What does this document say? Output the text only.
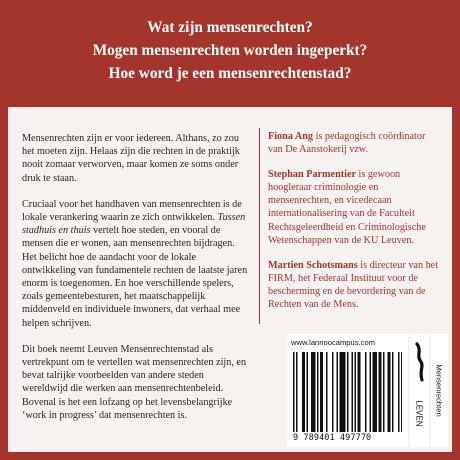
Wat zijn mensenrechten?

Mogen mensenrechten worden ingeperkt?

Hoe word je een mensenrechtenstad?

Mensenrechten zijn er voor iedereen. Althans, zo zou het moeten zijn. Helaas zijn die rechten in de praktijk nooit zomaar verworven, maar komen ze soms onder druk te staan.

Cruciaal voor het handhaven van mensenrechten is de lokale verankering waarin ze zich ontwikkelen. Tussen stadhuis en thuis vertelt hoe steden, en vooral de mensen die er wonen, aan mensenrechten bijdragen. Het belicht hoe de aandacht voor de lokale ontwikkeling van fundamentele rechten de laatste jaren enorm is toegenomen. En hoe verschillende spelers, zoals gemeentebesturen, het maatschappelijk middenveld en individuele inwoners, dat verhaal mee helpen schrijven.

Dit boek neemt Leuven Mensenrechtenstad als vertrekpunt om te vertellen wat mensenrechten zijn, en bevat talrijke voorbeelden van andere steden wereldwijd die werken aan mensenrechtenbeleid. Bovenal is het een lofzang op het levensbelangrijke ‘work in progress’ dat mensenrechten is.

Fiona Ang is pedagogisch coördinator van De Aanstokerij vzw.

Stephan Parmentier is gewoon hoogleraar criminologie en mensenrechten, en vicedecaan internationalisering van de Faculteit Rechtsgeleerdheid en Criminologische Wetenschappen van de KU Leuven.

Martien Schotsmans is directeur van het FIRM, het Federaal Instituut voor de bescherming en de bevordering van de Rechten van de Mens.

www.lannoocampus.com
9 789401 497770
LEVEN Mensenrechten
